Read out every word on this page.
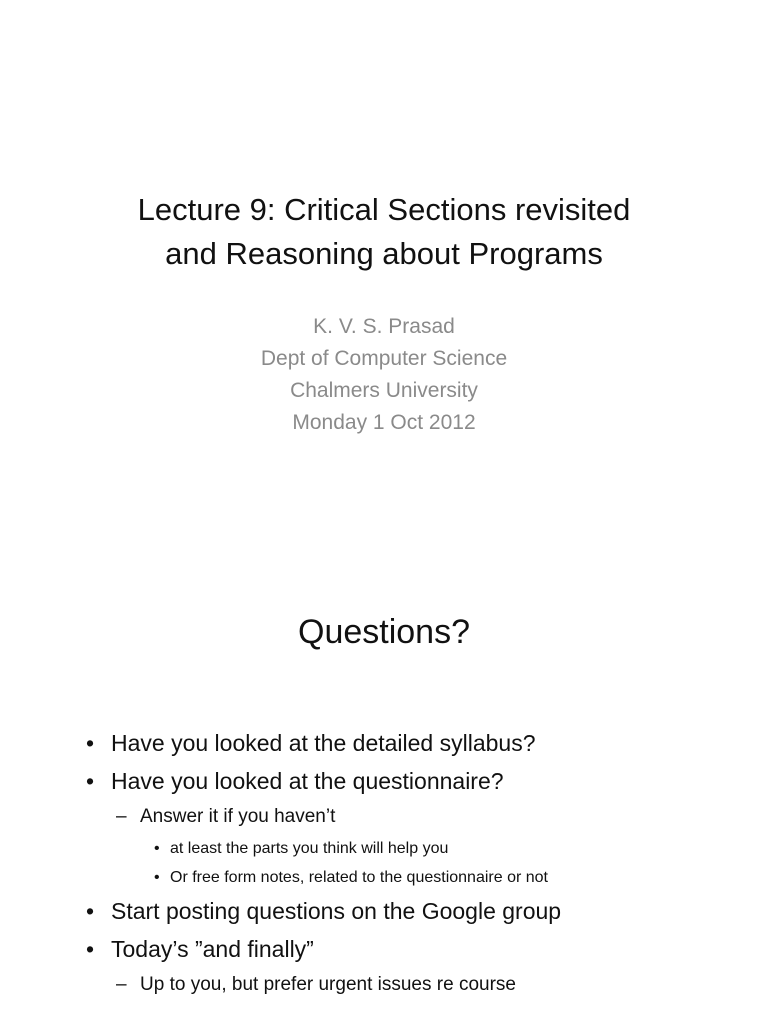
Lecture 9: Critical Sections revisited
and Reasoning about Programs
K. V. S. Prasad
Dept of Computer Science
Chalmers University
Monday 1 Oct 2012
Questions?
• Have you looked at the detailed syllabus?
• Have you looked at the questionnaire?
– Answer it if you haven’t
• at least the parts you think will help you
• Or free form notes, related to the questionnaire or not
• Start posting questions on the Google group
• Today’s ”and finally”
– Up to you, but prefer urgent issues re course
